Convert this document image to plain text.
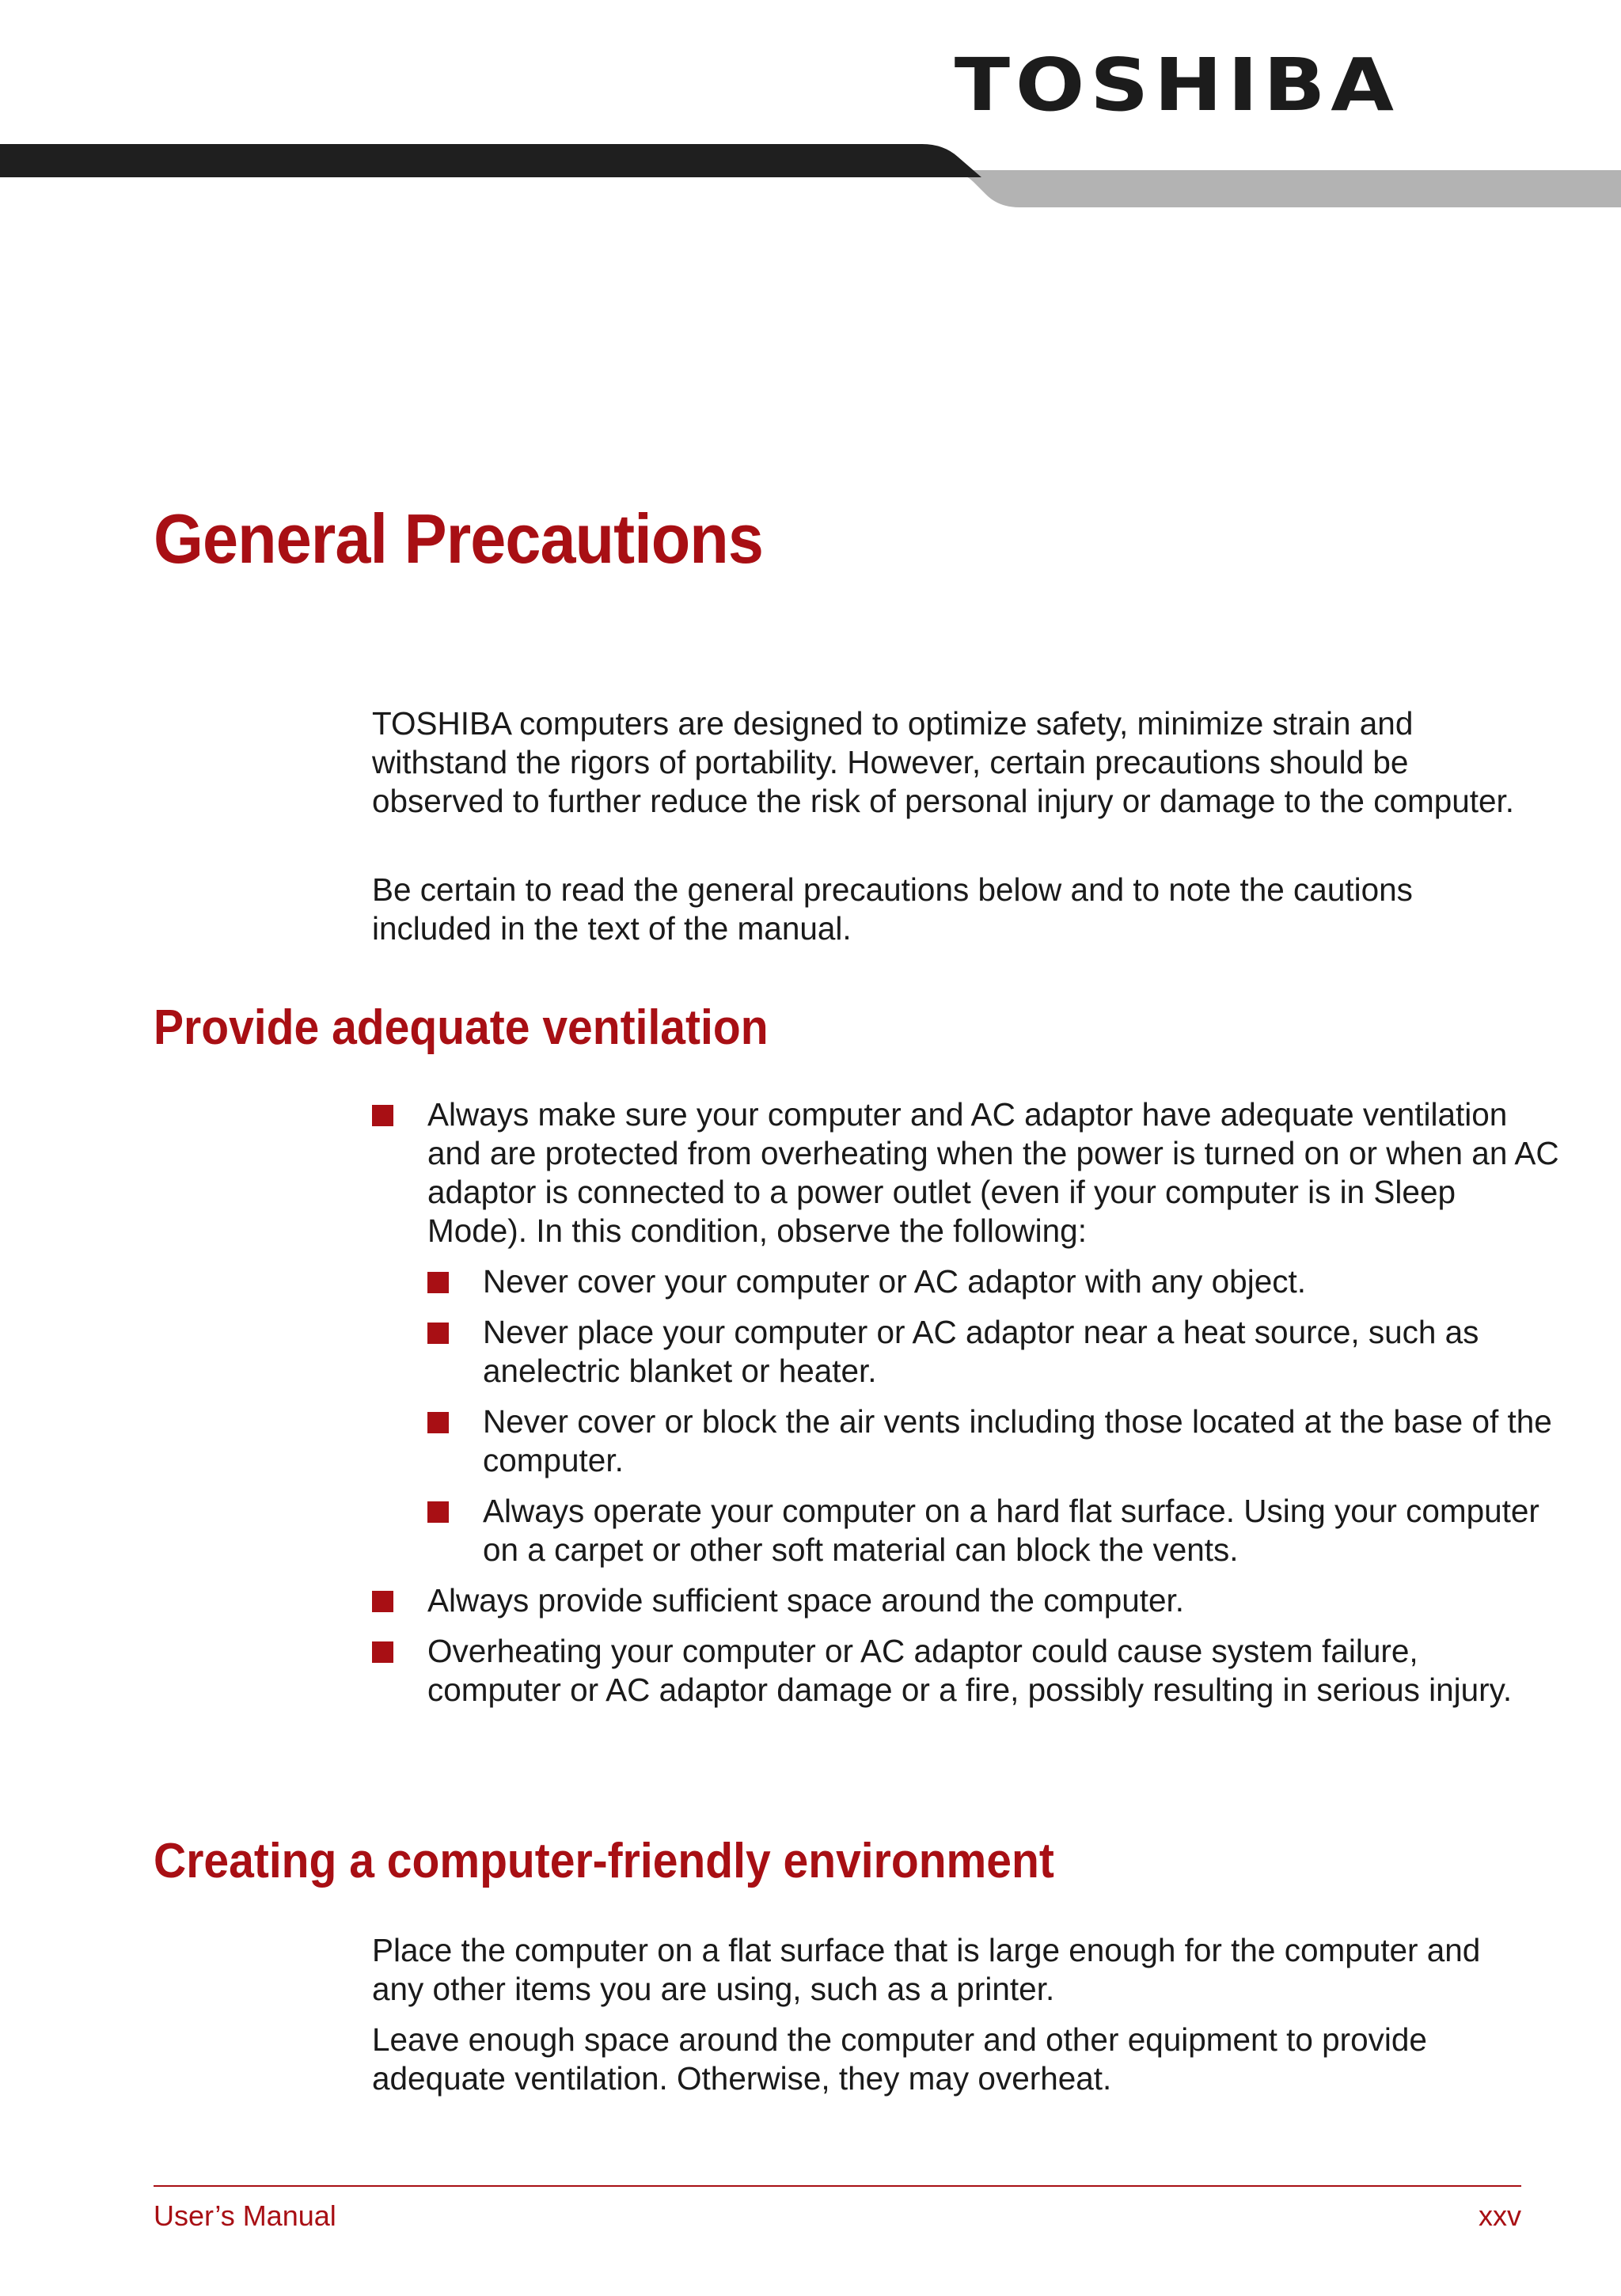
TOSHIBA
General Precautions

TOSHIBA computers are designed to optimize safety, minimize strain and withstand the rigors of portability. However, certain precautions should be observed to further reduce the risk of personal injury or damage to the computer.

Be certain to read the general precautions below and to note the cautions included in the text of the manual.

Provide adequate ventilation
Always make sure your computer and AC adaptor have adequate ventilation and are protected from overheating when the power is turned on or when an AC adaptor is connected to a power outlet (even if your computer is in Sleep Mode). In this condition, observe the following:
Never cover your computer or AC adaptor with any object.
Never place your computer or AC adaptor near a heat source, such as anelectric blanket or heater.
Never cover or block the air vents including those located at the base of the computer.
Always operate your computer on a hard flat surface. Using your computer on a carpet or other soft material can block the vents.
Always provide sufficient space around the computer.
Overheating your computer or AC adaptor could cause system failure, computer or AC adaptor damage or a fire, possibly resulting in serious injury.
Creating a computer-friendly environment

Place the computer on a flat surface that is large enough for the computer and any other items you are using, such as a printer.

Leave enough space around the computer and other equipment to provide adequate ventilation. Otherwise, they may overheat.

User’s Manual	xxv
